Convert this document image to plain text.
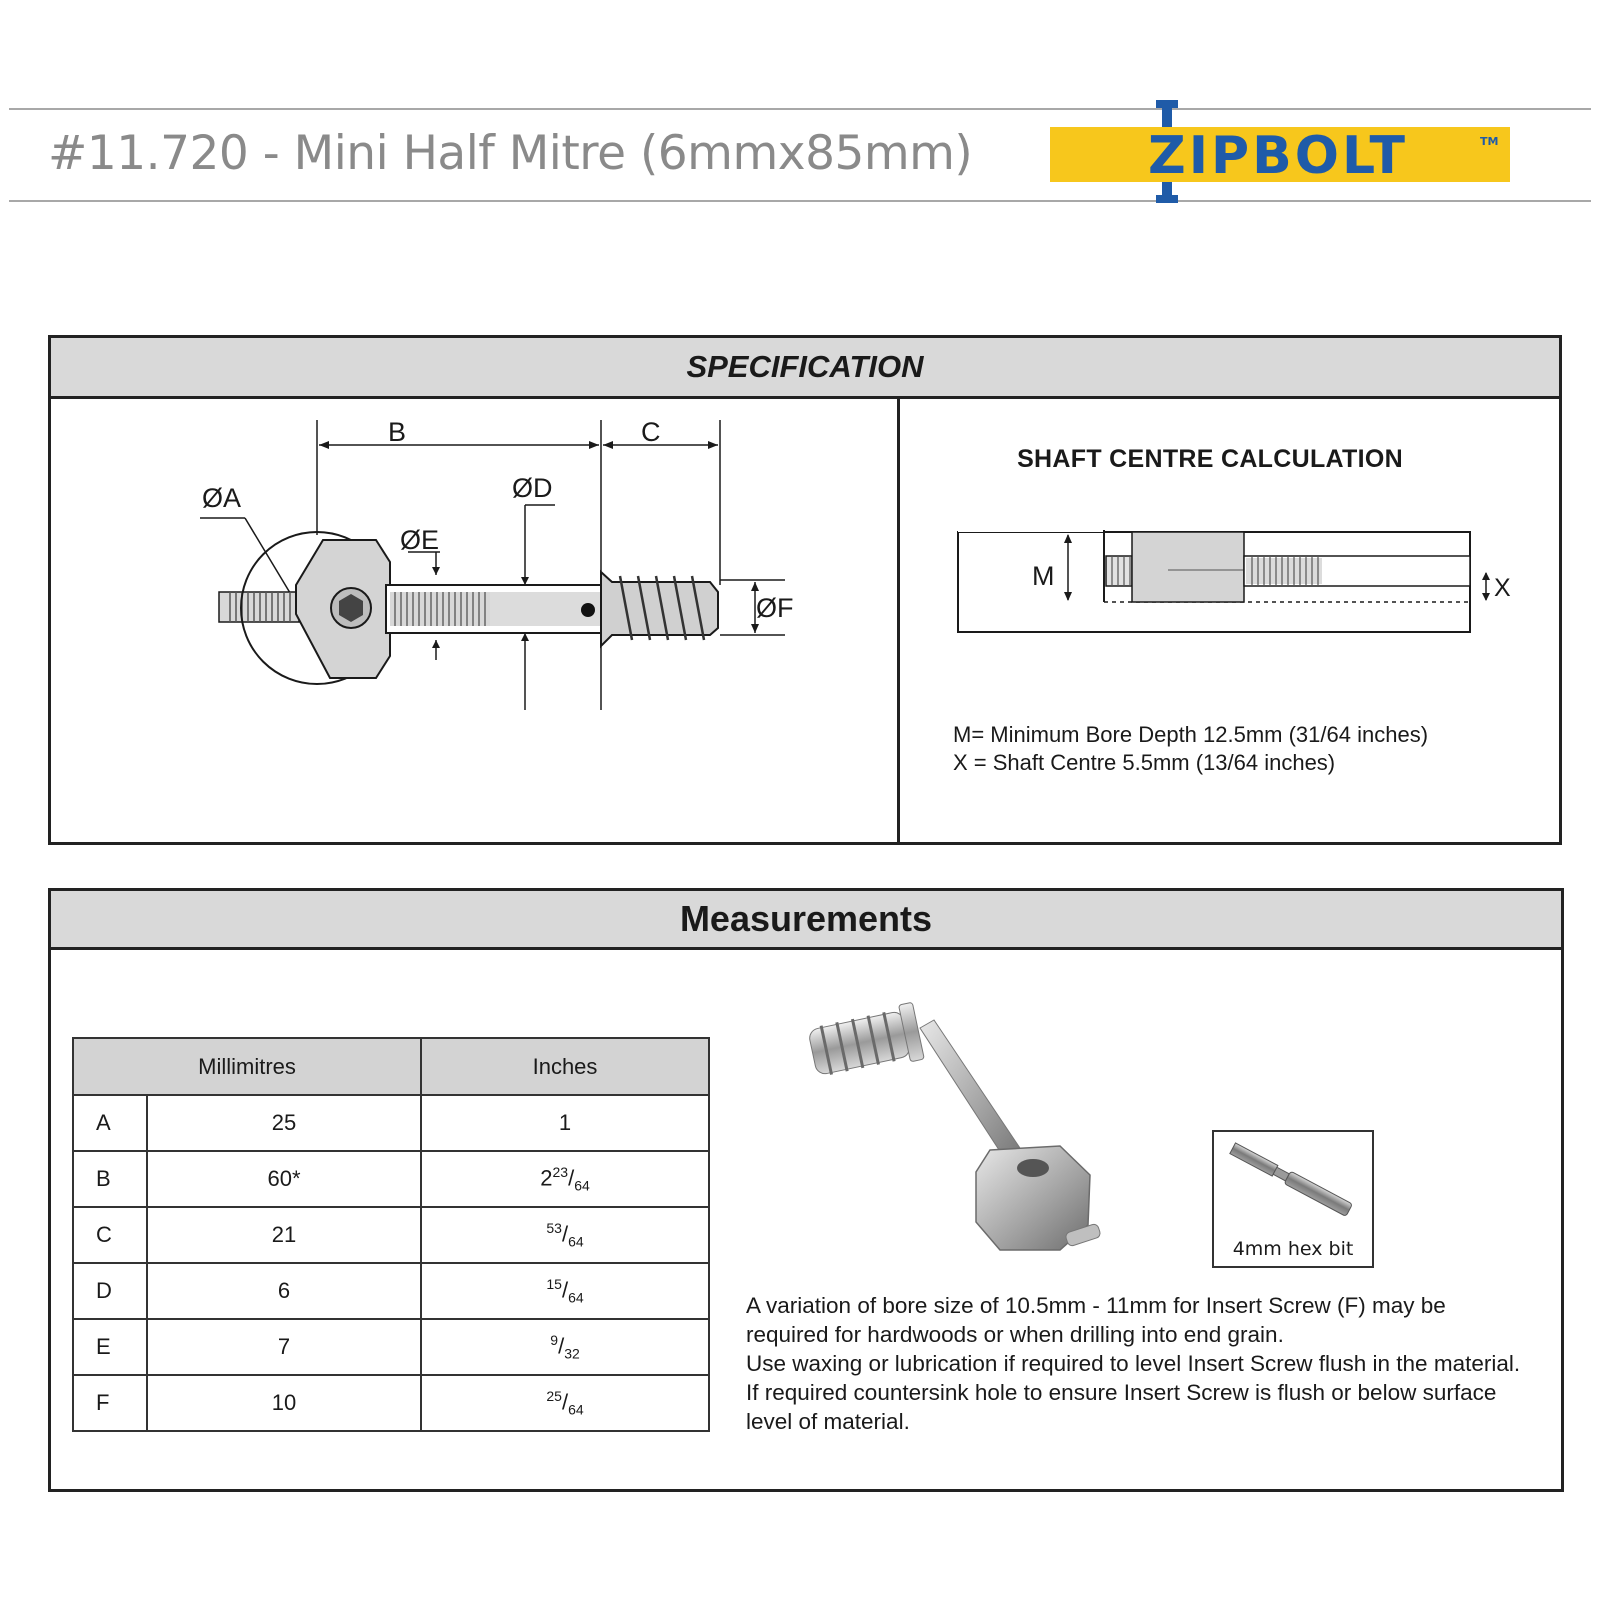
#11.720 - Mini Half Mitre (6mmx85mm)	ZIPBOLT	TM
SPECIFICATION
B	C
ØA	ØD
ØE
ØF
SHAFT CENTRE CALCULATION
M	X
M= Minimum Bore Depth 12.5mm (31/64 inches)
X = Shaft Centre 5.5mm (13/64 inches)
Measurements
Millimitres		Inches
A	25	1
B	60*	$2^{23}/_{64}$
C	21	$^{53}/_{64}$
D	6	$^{15}/_{64}$
E	7	$^9/_{32}$
F	10	$^{25}/_{64}$
4mm hex bit

A variation of bore size of 10.5mm - 11mm for Insert Screw (F) may be required for hardwoods or when drilling into end grain.

Use waxing or lubrication if required to level Insert Screw flush in the material. If required countersink hole to ensure Insert Screw is flush or below surface level of material.
